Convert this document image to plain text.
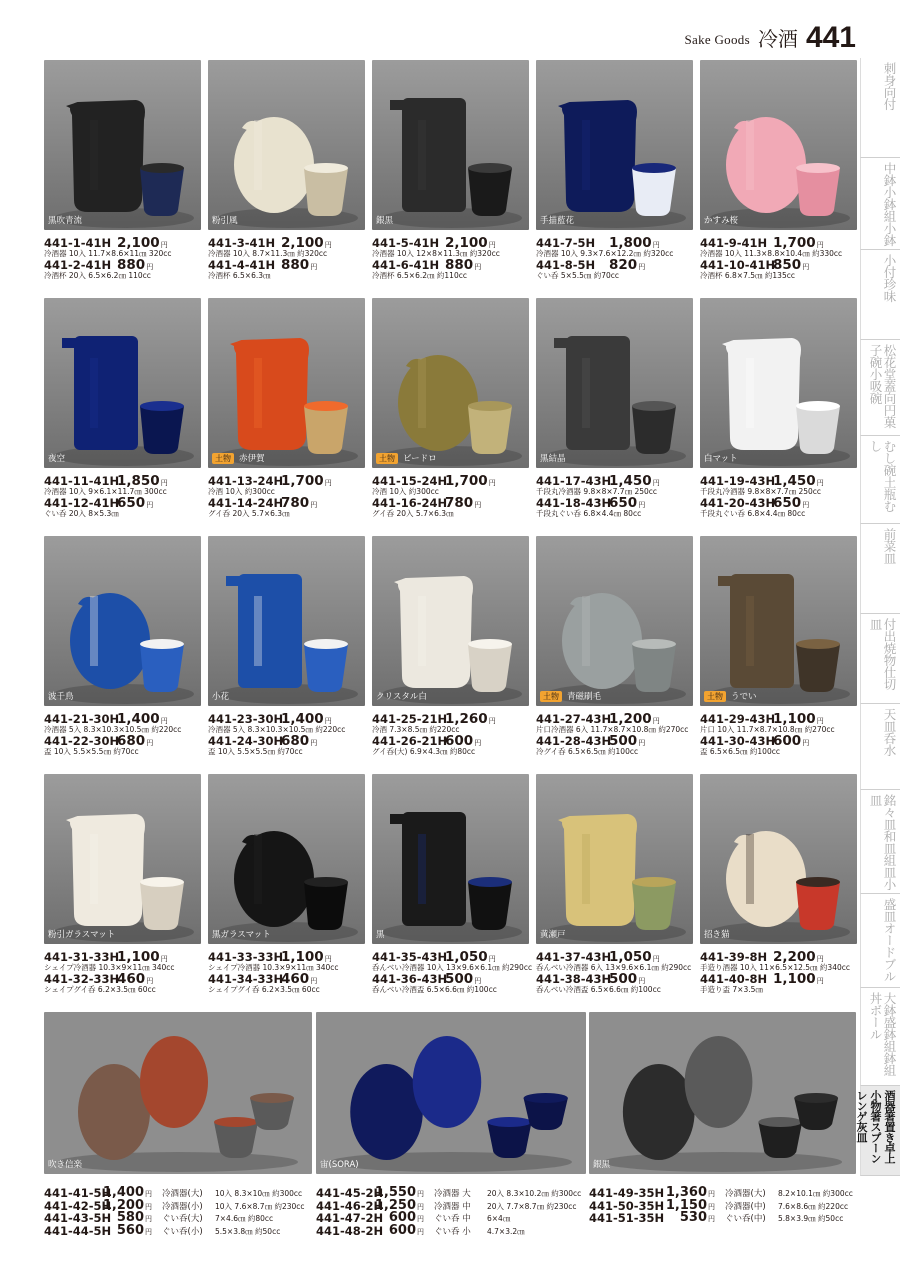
Sake Goods 冷酒 441
黒吹青流
441-1-41H 2,100円
冷酒器 10入 11.7×8.6×11㎝ 320cc
441-2-41H 880円
冷酒杯 20入 6.5×6.2㎝ 110cc
粉引風
441-3-41H 2,100円
冷酒器 10入 8.7×11.3㎝ 約320cc
441-4-41H 880円
冷酒杯 6.5×6.3㎝
銀黒
441-5-41H 2,100円
冷酒器 10入 12×8×11.3㎝ 約320cc
441-6-41H 880円
冷酒杯 6.5×6.2㎝ 約110cc
手描藍花
441-7-5H 1,800円
冷酒器 10入 9.3×7.6×12.2㎝ 約320cc
441-8-5H 820円
ぐい呑 5×5.5㎝ 約70cc
かすみ桜
441-9-41H 1,700円
冷酒器 10入 11.3×8.8×10.4㎝ 約330cc
441-10-41H
850円
冷酒杯 6.8×7.5㎝ 約135cc
夜空
441-11-41H
1,850円
冷酒器 10入 9×6.1×11.7㎝ 300cc
441-12-41H
650円
ぐい呑 20入 8×5.3㎝
土物 赤伊賀
441-13-24H
1,700円
冷酒 10入 約300cc
441-14-24H
780円
グイ呑 20入 5.7×6.3㎝
土物 ビードロ
441-15-24H
1,700円
冷酒 10入 約300cc
441-16-24H
780円
グイ呑 20入 5.7×6.3㎝
黒結晶
441-17-43H
1,450円
千段丸冷酒器 9.8×8×7.7㎝ 250cc
441-18-43H
650円
千段丸ぐい呑 6.8×4.4㎝ 80cc
白マット
441-19-43H
1,450円
千段丸冷酒器 9.8×8×7.7㎝ 250cc
441-20-43H
650円
千段丸ぐい呑 6.8×4.4㎝ 80cc
波千鳥
441-21-30H
1,400円
冷酒器 5入 8.3×10.3×10.5㎝ 約220cc
441-22-30H
680円
盃 10入 5.5×5.5㎝ 約70cc
小花
441-23-30H
1,400円
冷酒器 5入 8.3×10.3×10.5㎝ 約220cc
441-24-30H
680円
盃 10入 5.5×5.5㎝ 約70cc
クリスタル白
441-25-21H
1,260円
冷酒 7.3×8.5㎝ 約220cc
441-26-21H
600円
グイ呑(大) 6.9×4.3㎝ 約80cc
土物 青磁刷毛
441-27-43H
1,200円
片口冷酒器 6入 11.7×8.7×10.8㎝ 約270cc
441-28-43H
500円
冷グイ呑 6.5×6.5㎝ 約100cc
土物 うでい
441-29-43H
1,100円
片口 10入 11.7×8.7×10.8㎝ 約270cc
441-30-43H
600円
盃 6.5×6.5㎝ 約100cc
粉引ガラスマット
441-31-33H
1,100円
シェイプ冷酒器 10.3×9×11㎝ 340cc
441-32-33H
460円
シェイプグイ呑 6.2×3.5㎝ 60cc
黒ガラスマット
441-33-33H
1,100円
シェイプ冷酒器 10.3×9×11㎝ 340cc
441-34-33H
460円
シェイプグイ呑 6.2×3.5㎝ 60cc
黒
441-35-43H
1,050円
呑んべい冷酒器 10入 13×9.6×6.1㎝ 約290cc
441-36-43H
500円
呑んべい冷酒盃 6.5×6.6㎝ 約100cc
黄瀬戸
441-37-43H
1,050円
呑んべい冷酒器 6入 13×9.6×6.1㎝ 約290cc
441-38-43H
500円
呑んべい冷酒盃 6.5×6.6㎝ 約100cc
招き猫
441-39-8H 2,200円
手造り酒器 10入 11×6.5×12.5㎝ 約340cc
441-40-8H 1,100円
手造り盃 7×3.5㎝
吹き信楽
441-41-5H
1,400円 冷酒器(大) 10入 8.3×10㎝ 約300cc
441-42-5H
1,200円 冷酒器(小) 10入 7.6×8.7㎝ 約230cc
441-43-5H 580円 ぐい呑(大) 7×4.6㎝ 約80cc
441-44-5H 560円 ぐい呑(小) 5.5×3.8㎝ 約50cc
宙(SORA)
441-45-2H
1,550円 冷酒器 大 20入 8.3×10.2㎝ 約300cc
441-46-2H
1,250円 冷酒器 中 20入 7.7×8.7㎝ 約230cc
441-47-2H 600円 ぐい呑 中 6×4㎝
441-48-2H 600円 ぐい呑 小 4.7×3.2㎝
銀黒
441-49-35H 1,360円 冷酒器(大) 8.2×10.1㎝ 約300cc
441-50-35H 1,150円 冷酒器(中) 7.6×8.6㎝ 約220cc
441-51-35H	530円 ぐい呑(中) 5.8×3.9㎝ 約50cc
刺身向付
中鉢小鉢組小鉢
小付珍味
松花堂蓋向円菓子碗小吸碗
むし碗土瓶むし
前菜皿
付出焼物仕切皿
天皿呑水
銘々皿和皿組皿小皿
盛皿オードブル
大鉢盛鉢組鉢組丼ボール
酒器箸置き卓上小物箸スプーンレンゲ灰皿
